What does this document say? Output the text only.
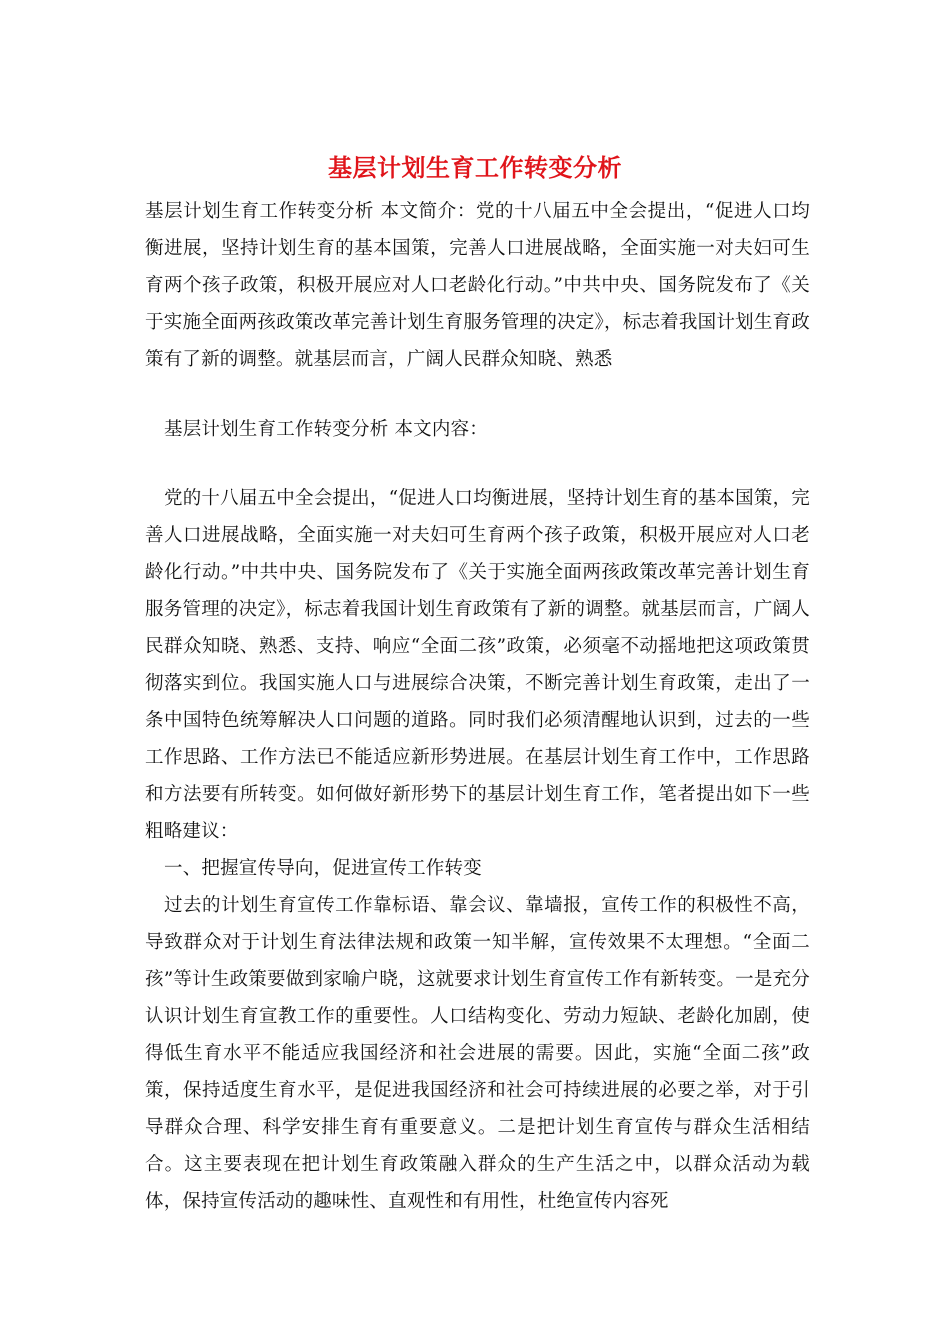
基层计划生育工作转变分析
基层计划生育工作转变分析 本文简介：党的十八届五中全会提出，“促进人口均衡进展，坚持计划生育的基本国策，完善人口进展战略，全面实施一对夫妇可生育两个孩子政策，积极开展应对人口老龄化行动。”中共中央、国务院发布了《关于实施全面两孩政策改革完善计划生育服务管理的决定》，标志着我国计划生育政策有了新的调整。就基层而言，广阔人民群众知晓、熟悉
基层计划生育工作转变分析 本文内容：

党的十八届五中全会提出，“促进人口均衡进展，坚持计划生育的基本国策，完善人口进展战略，全面实施一对夫妇可生育两个孩子政策，积极开展应对人口老龄化行动。”中共中央、国务院发布了《关于实施全面两孩政策改革完善计划生育服务管理的决定》，标志着我国计划生育政策有了新的调整。就基层而言，广阔人民群众知晓、熟悉、支持、响应“全面二孩”政策，必须毫不动摇地把这项政策贯彻落实到位。我国实施人口与进展综合决策，不断完善计划生育政策，走出了一条中国特色统筹解决人口问题的道路。同时我们必须清醒地认识到，过去的一些工作思路、工作方法已不能适应新形势进展。在基层计划生育工作中，工作思路和方法要有所转变。如何做好新形势下的基层计划生育工作，笔者提出如下一些粗略建议：

一、把握宣传导向，促进宣传工作转变

过去的计划生育宣传工作靠标语、靠会议、靠墙报，宣传工作的积极性不高，导致群众对于计划生育法律法规和政策一知半解，宣传效果不太理想。“全面二孩”等计生政策要做到家喻户晓，这就要求计划生育宣传工作有新转变。一是充分认识计划生育宣教工作的重要性。人口结构变化、劳动力短缺、老龄化加剧，使得低生育水平不能适应我国经济和社会进展的需要。因此，实施“全面二孩”政策，保持适度生育水平，是促进我国经济和社会可持续进展的必要之举，对于引导群众合理、科学安排生育有重要意义。二是把计划生育宣传与群众生活相结合。这主要表现在把计划生育政策融入群众的生产生活之中，以群众活动为载体，保持宣传活动的趣味性、直观性和有用性，杜绝宣传内容死
